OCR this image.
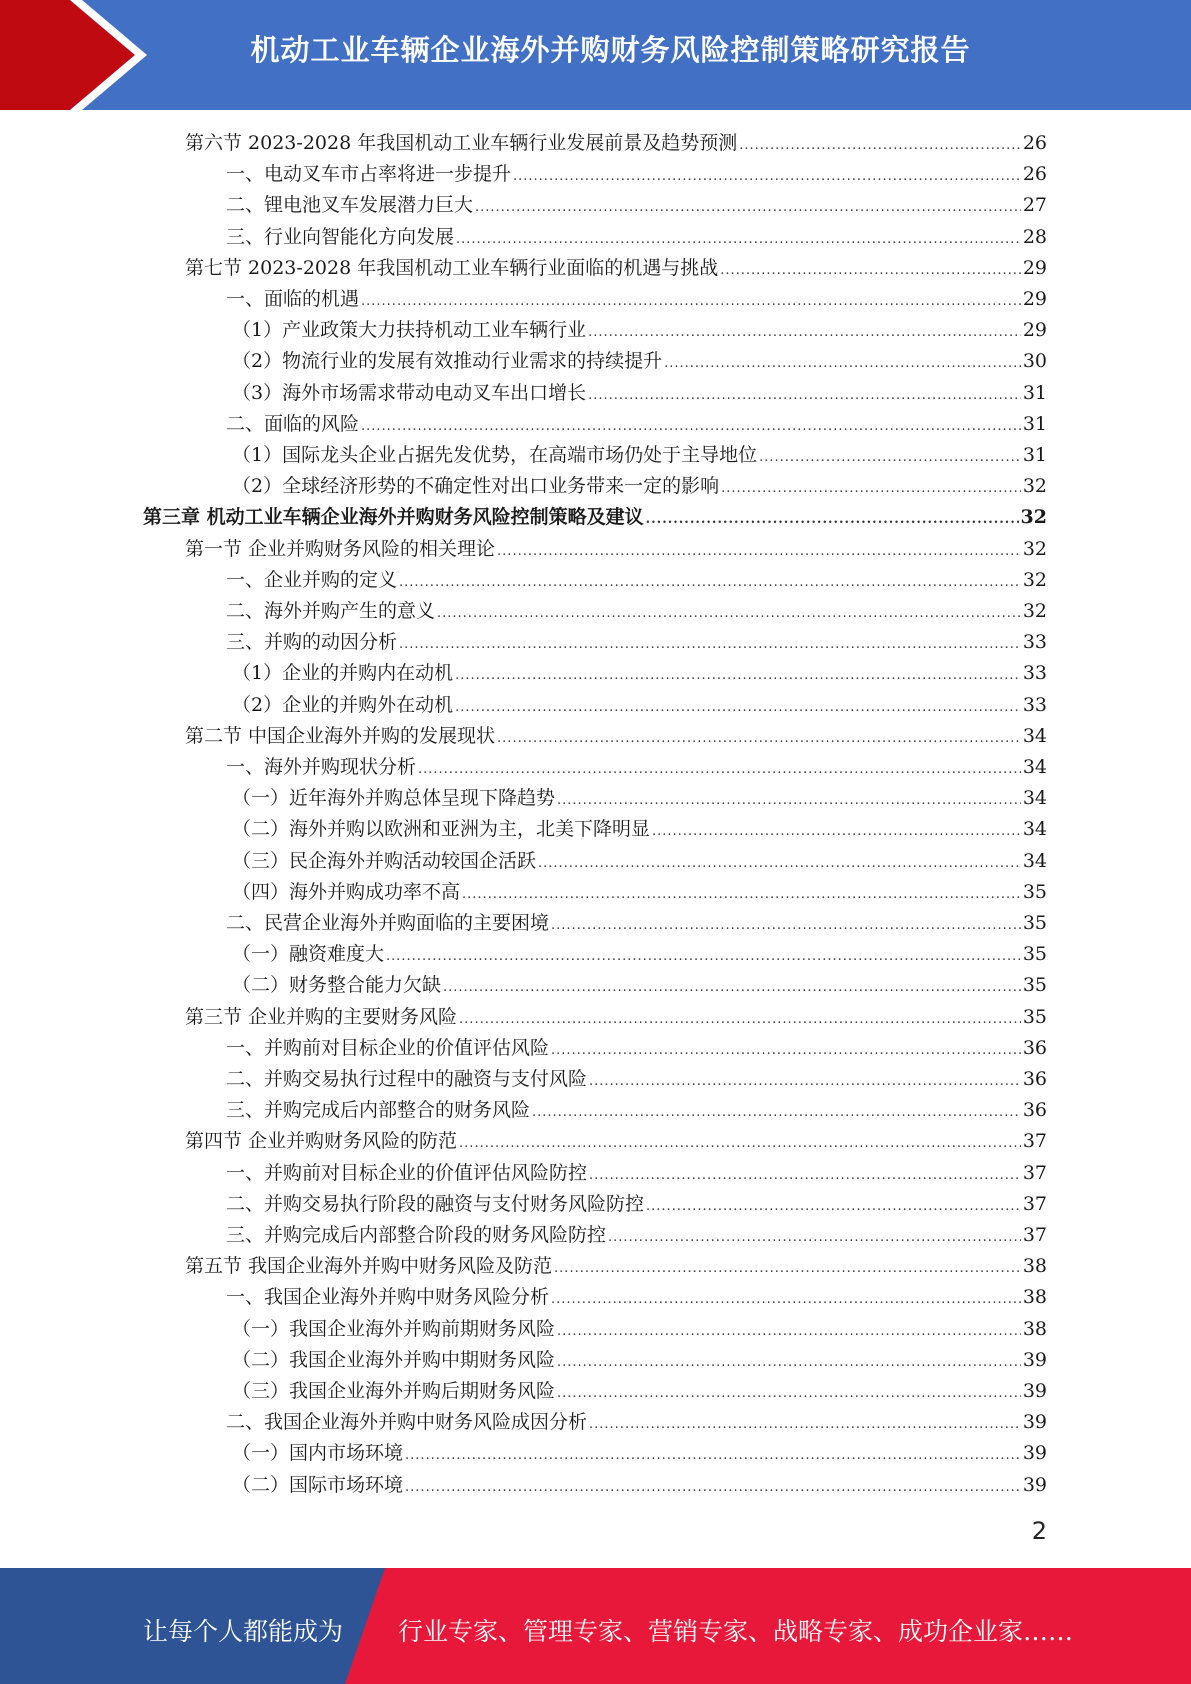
机动工业车辆企业海外并购财务风险控制策略研究报告
第六节 2023-2028 年我国机动工业车辆行业发展前景及趋势预测 .....	26
一、电动叉车市占率将进一步提升 .....	26
二、锂电池叉车发展潜力巨大 .....	27
三、行业向智能化方向发展 .....	28
第七节 2023-2028 年我国机动工业车辆行业面临的机遇与挑战 .....	29
一、面临的机遇 .....	29
（1）产业政策大力扶持机动工业车辆行业 .....	29
（2）物流行业的发展有效推动行业需求的持续提升 .....	30
（3）海外市场需求带动电动叉车出口增长 .....	31
二、面临的风险 .....	31
（1）国际龙头企业占据先发优势，在高端市场仍处于主导地位 .....	31
（2）全球经济形势的不确定性对出口业务带来一定的影响 .....	32
第三章 机动工业车辆企业海外并购财务风险控制策略及建议 .....	32
第一节 企业并购财务风险的相关理论 .....	32
一、企业并购的定义 .....	32
二、海外并购产生的意义 .....	32
三、并购的动因分析 .....	33
（1）企业的并购内在动机 .....	33
（2）企业的并购外在动机 .....	33
第二节 中国企业海外并购的发展现状 .....	34
一、海外并购现状分析 .....	34
（一）近年海外并购总体呈现下降趋势 .....	34
（二）海外并购以欧洲和亚洲为主，北美下降明显 .....	34
（三）民企海外并购活动较国企活跃 .....	34
（四）海外并购成功率不高 .....	35
二、民营企业海外并购面临的主要困境 .....	35
（一）融资难度大 .....	35
（二）财务整合能力欠缺 .....	35
第三节 企业并购的主要财务风险 .....	35
一、并购前对目标企业的价值评估风险 .....	36
二、并购交易执行过程中的融资与支付风险 .....	36
三、并购完成后内部整合的财务风险 .....	36
第四节 企业并购财务风险的防范 .....	37
一、并购前对目标企业的价值评估风险防控 .....	37
二、并购交易执行阶段的融资与支付财务风险防控 .....	37
三、并购完成后内部整合阶段的财务风险防控 .....	37
第五节 我国企业海外并购中财务风险及防范 .....	38
一、我国企业海外并购中财务风险分析 .....	38
（一）我国企业海外并购前期财务风险 .....	38
（二）我国企业海外并购中期财务风险 .....	39
（三）我国企业海外并购后期财务风险 .....	39
二、我国企业海外并购中财务风险成因分析 .....	39
（一）国内市场环境 .....	39
（二）国际市场环境 .....	39
2
让每个人都能成为 行业专家、管理专家、营销专家、战略专家、成功企业家……
